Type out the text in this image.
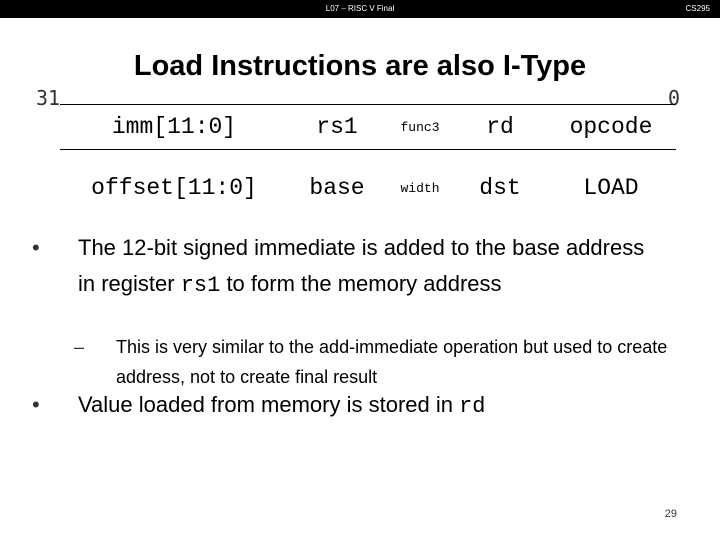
L07 – RISC V Final	CS295
Load Instructions are also I-Type
31	0
imm[11:0]	rs1	func3	rd	opcode
offset[11:0]	base	width	dst	LOAD
• The 12-bit signed immediate is added to the base address in register rs1 to form the memory address
– This is very similar to the add-immediate operation but used to create address, not to create final result
• Value loaded from memory is stored in rd
29
